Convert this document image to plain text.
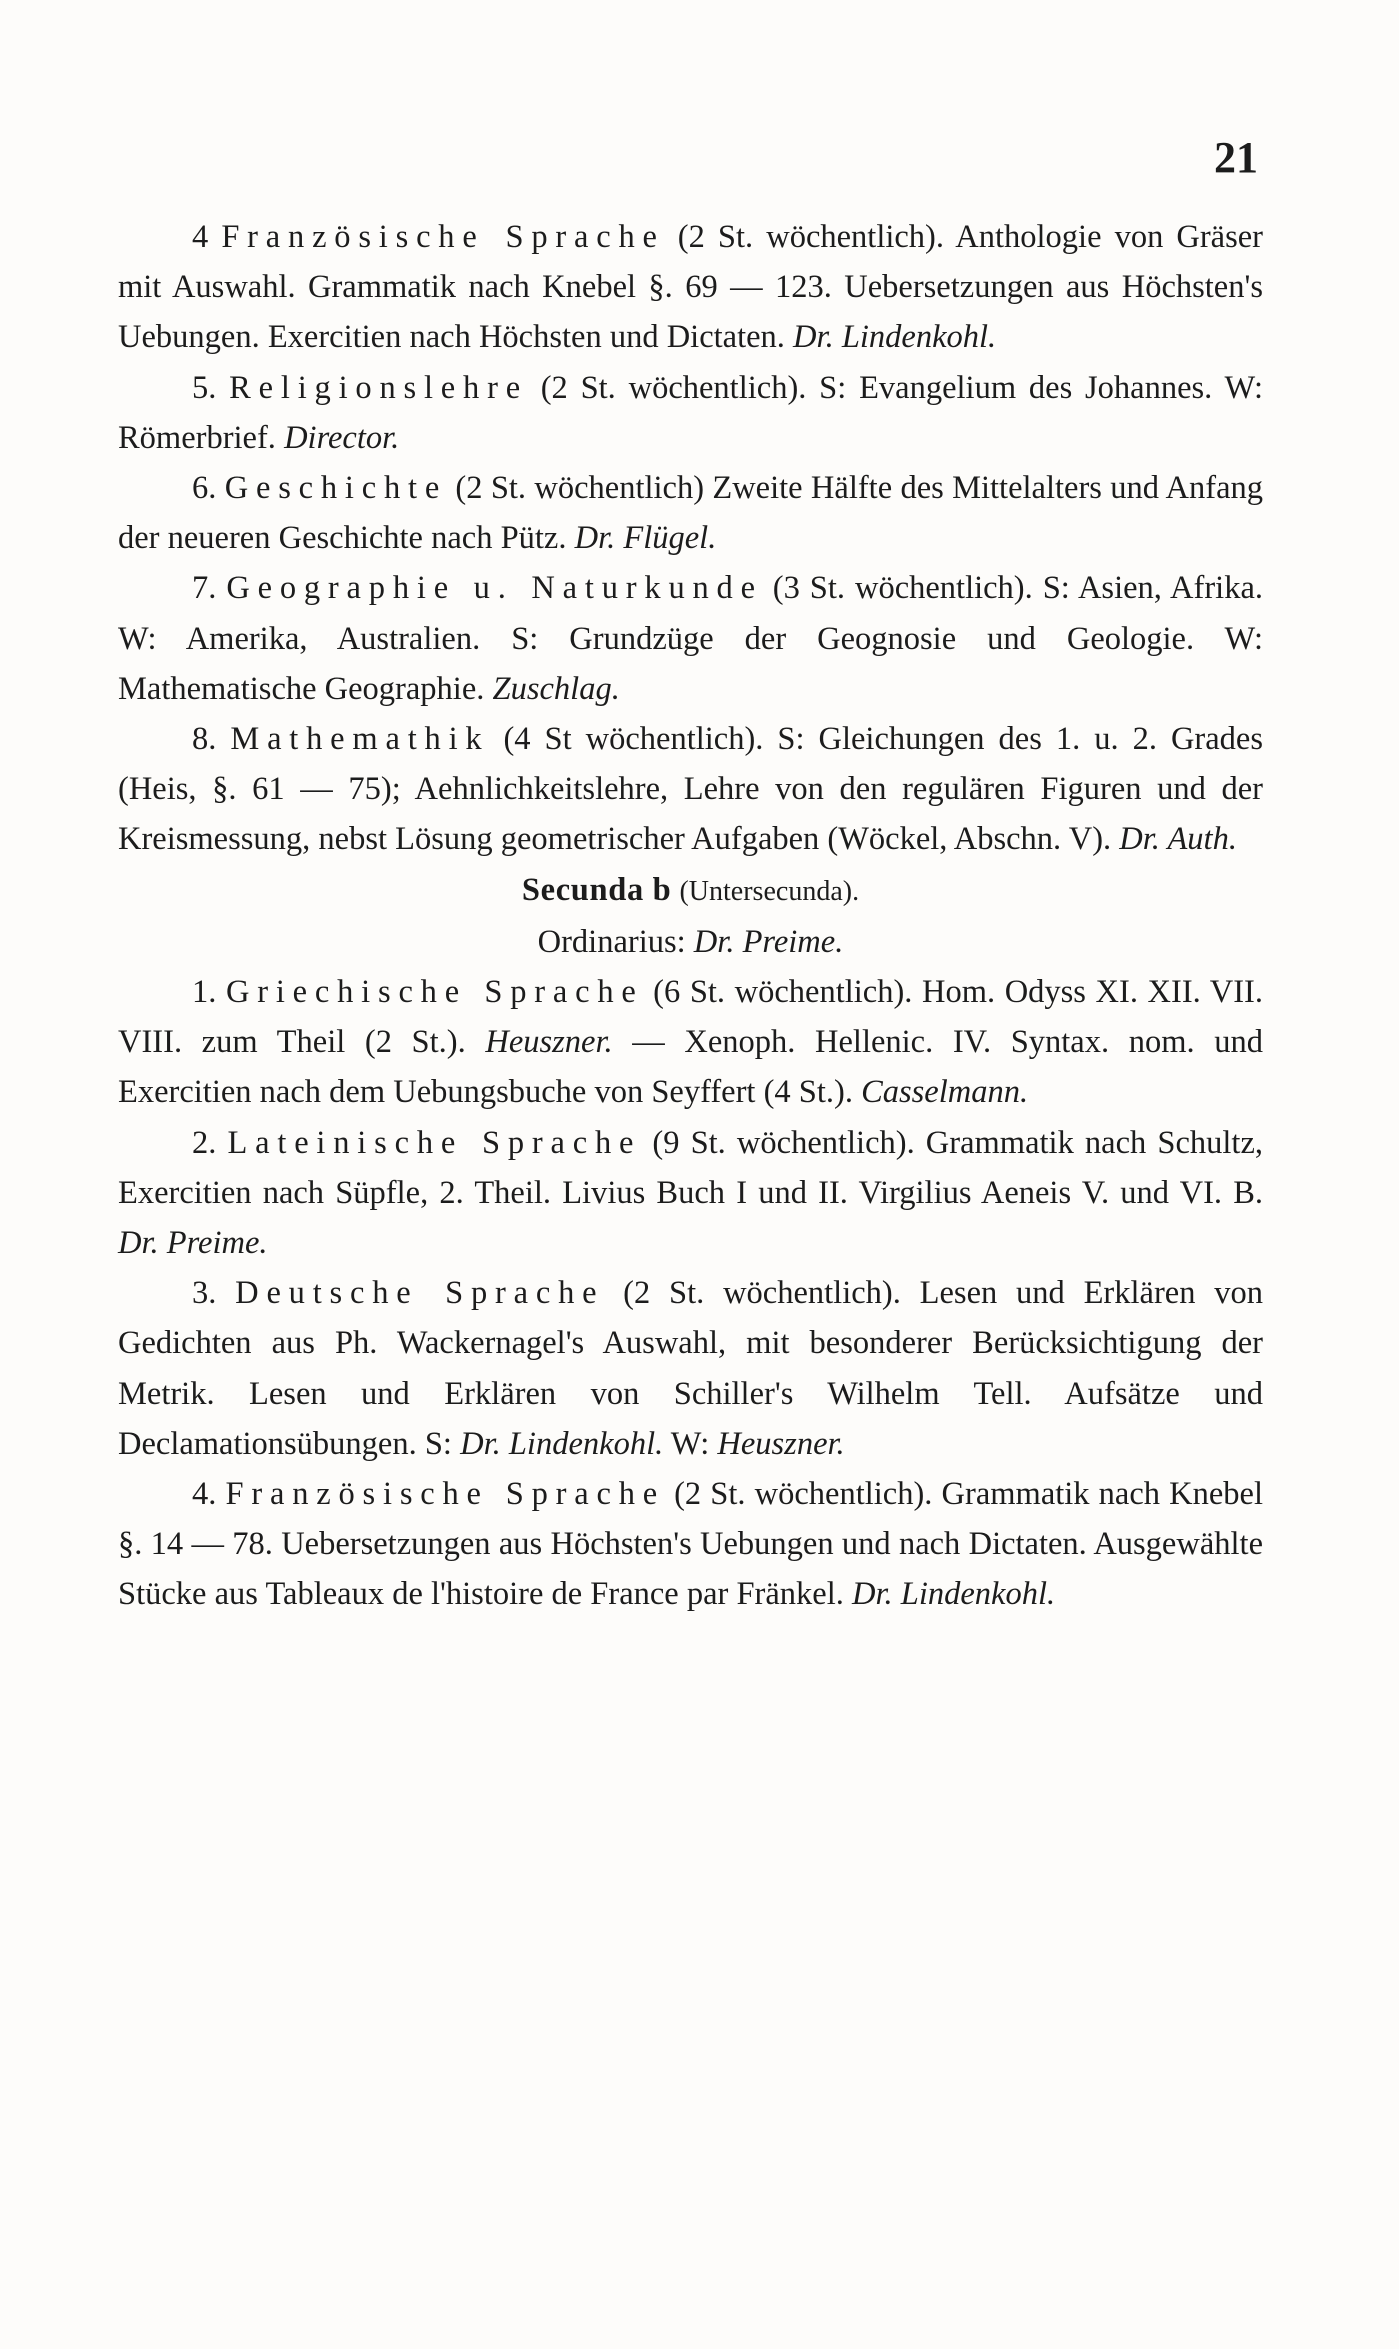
21

4 Französische Sprache (2 St. wöchentlich). Anthologie von Gräser mit Auswahl. Grammatik nach Knebel §. 69 — 123. Uebersetzungen aus Höchsten's Uebungen. Exercitien nach Höchsten und Dictaten. Dr. Lindenkohl.

5. Religionslehre (2 St. wöchentlich). S: Evangelium des Johannes. W: Römerbrief. Director.

6. Geschichte (2 St. wöchentlich) Zweite Hälfte des Mittelalters und Anfang der neueren Geschichte nach Pütz. Dr. Flügel.

7. Geographie u. Naturkunde (3 St. wöchentlich). S: Asien, Afrika. W: Amerika, Australien. S: Grundzüge der Geognosie und Geologie. W: Mathematische Geographie. Zuschlag.

8. Mathemathik (4 St wöchentlich). S: Gleichungen des 1. u. 2. Grades (Heis, §. 61 — 75); Aehnlichkeitslehre, Lehre von den regulären Figuren und der Kreismessung, nebst Lösung geometrischer Aufgaben (Wöckel, Abschn. V). Dr. Auth.

Secunda b (Untersecunda).

Ordinarius: Dr. Preime.

1. Griechische Sprache (6 St. wöchentlich). Hom. Odyss XI. XII. VII. VIII. zum Theil (2 St.). Heuszner. — Xenoph. Hellenic. IV. Syntax. nom. und Exercitien nach dem Uebungsbuche von Seyffert (4 St.). Casselmann.

2. Lateinische Sprache (9 St. wöchentlich). Grammatik nach Schultz, Exercitien nach Süpfle, 2. Theil. Livius Buch I und II. Virgilius Aeneis V. und VI. B. Dr. Preime.

3. Deutsche Sprache (2 St. wöchentlich). Lesen und Erklären von Gedichten aus Ph. Wackernagel's Auswahl, mit besonderer Berücksichtigung der Metrik. Lesen und Erklären von Schiller's Wilhelm Tell. Aufsätze und Declamationsübungen. S: Dr. Lindenkohl. W: Heuszner.

4. Französische Sprache (2 St. wöchentlich). Grammatik nach Knebel §. 14 — 78. Uebersetzungen aus Höchsten's Uebungen und nach Dictaten. Ausgewählte Stücke aus Tableaux de l'histoire de France par Fränkel. Dr. Lindenkohl.
